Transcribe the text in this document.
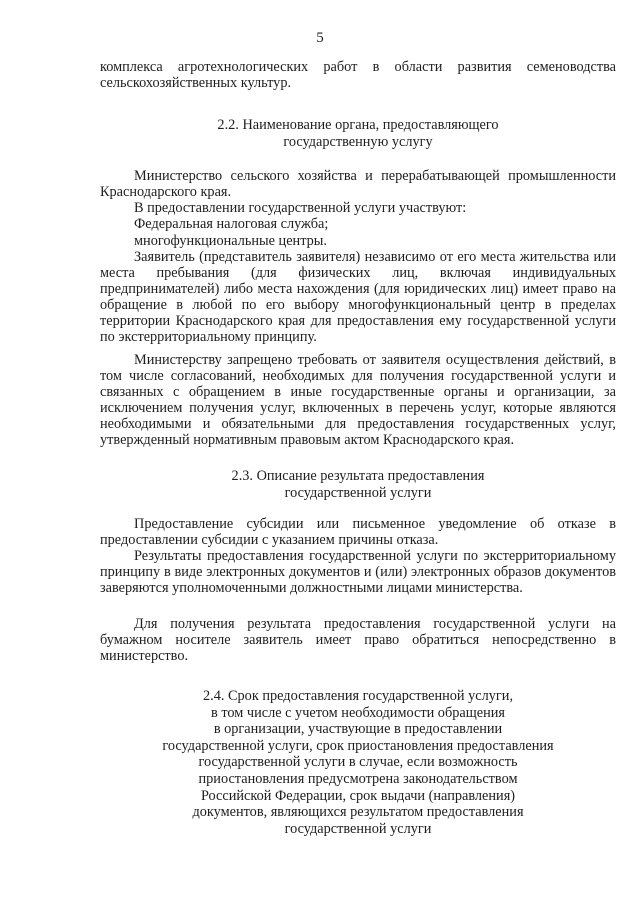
5

комплекса агротехнологических работ в области развития семеноводства сельскохозяйственных культур.

2.2. Наименование органа, предоставляющего
государственную услугу

Министерство сельского хозяйства и перерабатывающей промышленности Краснодарского края.

В предоставлении государственной услуги участвуют:

Федеральная налоговая служба;

многофункциональные центры.

Заявитель (представитель заявителя) независимо от его места жительства или места пребывания (для физических лиц, включая индивидуальных предпринимателей) либо места нахождения (для юридических лиц) имеет право на обращение в любой по его выбору многофункциональный центр в пределах территории Краснодарского края для предоставления ему государственной услуги по экстерриториальному принципу.

Министерству запрещено требовать от заявителя осуществления действий, в том числе согласований, необходимых для получения государственной услуги и связанных с обращением в иные государственные органы и организации, за исключением получения услуг, включенных в перечень услуг, которые являются необходимыми и обязательными для предоставления государственных услуг, утвержденный нормативным правовым актом Краснодарского края.

2.3. Описание результата предоставления
государственной услуги

Предоставление субсидии или письменное уведомление об отказе в предоставлении субсидии с указанием причины отказа.

Результаты предоставления государственной услуги по экстерриториальному принципу в виде электронных документов и (или) электронных образов документов заверяются уполномоченными должностными лицами министерства.

Для получения результата предоставления государственной услуги на бумажном носителе заявитель имеет право обратиться непосредственно в министерство.

2.4. Срок предоставления государственной услуги,
в том числе с учетом необходимости обращения
в организации, участвующие в предоставлении
государственной услуги, срок приостановления предоставления
государственной услуги в случае, если возможность
приостановления предусмотрена законодательством
Российской Федерации, срок выдачи (направления)
документов, являющихся результатом предоставления
государственной услуги
